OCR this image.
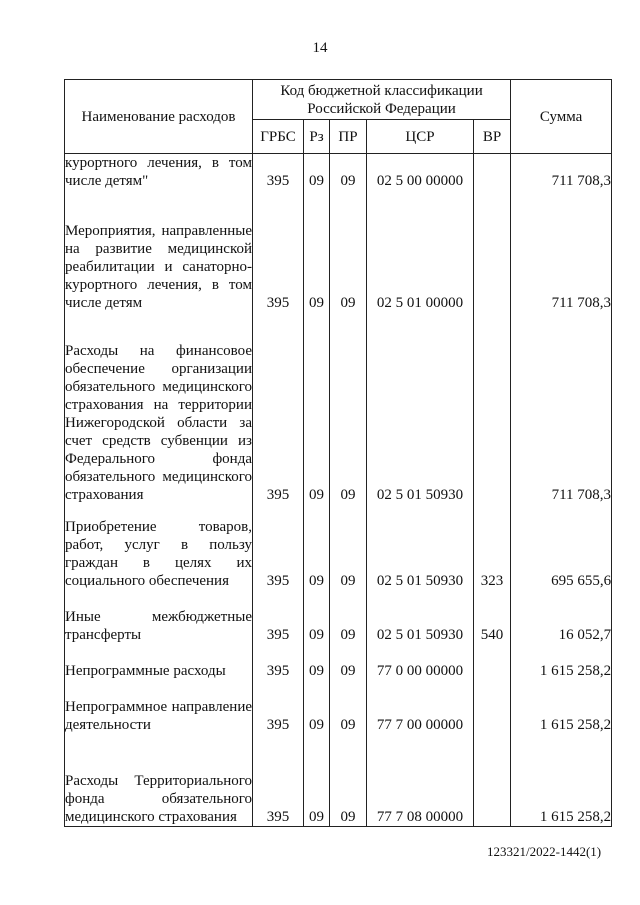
14
Наименование расходов	Код бюджетной классификации Российской Федерации					Сумма
	ГРБС	Рз	ПР	ЦСР	ВР	

курортного лечения, в том числе детям"	395	09	09	02 5 00 00000		711 708,3

Мероприятия, направленные на развитие медицинской реабилитации и санаторно-курортного лечения, в том числе детям	395	09	09	02 5 01 00000		711 708,3

Расходы на финансовое обеспечение организации обязательного медицинского страхования на территории Нижегородской области за счет средств субвенции из Федерального фонда обязательного медицинского страхования	395	09	09	02 5 01 50930		711 708,3

Приобретение товаров, работ, услуг в пользу граждан в целях их социального обеспечения	395	09	09	02 5 01 50930	323	695 655,6

Иные межбюджетные трансферты	395	09	09	02 5 01 50930	540	16 052,7

Непрограммные расходы	395	09	09	77 0 00 00000		1 615 258,2

Непрограммное направление деятельности	395	09	09	77 7 00 00000		1 615 258,2

Расходы Территориального фонда обязательного медицинского страхования	395	09	09	77 7 08 00000		1 615 258,2
123321/2022-1442(1)
